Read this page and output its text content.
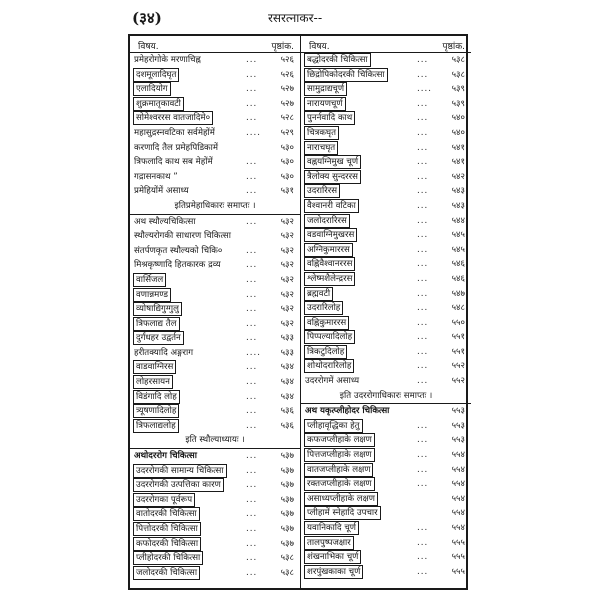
(३४)	रसरत्नाकर--
विषय.	पृष्ठांक.
प्रमेहरोगोके मरणाचिह्न	...	५२६
दशमूलादिघृत	...	५२६
एलादियोग	...	५२७
शुक्रमातृकावटी	...	५२७
सोमेश्वररस वातजादिमे०	...	५२८
महासुद्रस्नवटिका सर्वमेहोंमें	.... ५२९
करणादि तैल प्रमेहपिडिकामें	५३०
त्रिफलादि काथ सब मेहोंमें	...	५३०
गद्रासनकाथ ”	...	५३०
प्रमेहियोंमें असाध्य	...	५३१
इतिप्रमेहाधिकारः समाप्तः ।
अथ स्थौल्यचिकित्सा	...	५३२
स्थौल्यरोगकी साधारण चिकित्सा	५३२
संतर्पणकृत स्थौल्यको चिकि०	...	५३२
मिश्रकृष्णादि हितकारक द्रव्य	...	५३२
वार्सिजल	...	५३२
वणान्नमण्ड	...	५३२
व्योषाद्यिगुग्गुलु	...	५३२
त्रिफलाद्य तैल	...	५३२
दुर्गंधहर उद्वर्तन	...	५३३
हरीतक्यादि अङ्गराग	.... ५३३
वाडवाग्निरस	...	५३४
लोहरसायन	...	५३४
विडंगादि लोह	...	५३४
त्र्यूषणादिलोह	...	५३६
त्रिफलाद्यलोह	...	५३६
इति स्थौल्याध्यायः ।
अथोदररोग चिकित्सा	...	५३७
उदररोगकी सामान्य चिकित्सा	...	५३७
उदररोगकी उत्पत्तिका कारण	...	५३७
उदररोगका पूर्वरूप	...	५३७
वातोदरकी चिकित्सा	...	५३७
पित्तोदरकी चिकित्सा	...	५३७
कफोदरकी चिकित्सा	...	५३७
प्लीहोदरकी चिकित्सा	...	५३८
जलोदरकी चिकित्सा	...	५३८
विषय.	पृष्ठांक.
बद्धोदरकी चिकित्सा	...	५३८
छिद्रोपिकोदरकी चिकित्सा	...	५३८
सामुद्राद्यचूर्ण	.... ५३९
नारायणचूर्ण	...	५३९
पुनर्नवादि काथ	...	५४०
चित्रकघृत	...	५४०
नाराचघृत	...	५४१
वह्नयग्निमुख चूर्ण	...	५४१
त्रैलोक्य सुन्दररस	...	५४२
उदरारिरस	...	५४३
वैश्वानरी वटिका	...	५४३
जलोदरारिरस	...	५४४
वडवाग्निमुखरस	...	५४५
अग्निकुमाररस	...	५४५
वह्निवैश्वानररस	...	५४६
श्लेष्मशैलेन्द्ररस	...	५४६
ब्रह्मवटी	...	५४७
उदरारिलोह	...	५४८
वह्निकुमाररस	...	५५०
पिप्पल्यादिलोह	...	५५१
त्रिकटुदिलोह	...	५५१
शोथोदरारिलोह	...	५५२
उदररोगमें असाध्य	...	५५२
इति उदररोगाधिकारः समाप्तः ।
अथ यकृत्प्लीहोदर चिकित्सा	५५३
प्लीहावृद्धिका हेतु	...	५५३
कफजप्लीहाके लक्षण	...	५५३
पित्तजप्लीहाके लक्षण	...	५५४
वातजप्लीहाके लक्षण	...	५५४
रक्तजप्लीहाके लक्षण	...	५५४
असाध्यप्लीहाके लक्षण	५५४
प्लीहामें स्नेहादि उपचार	५५४
यवानिकादि चूर्ण	...	५५४
तालपुष्पजक्षार	...	५५५
शंखनाभिका चूर्ण	...	५५५
शरपुंखकाका चूर्ण	...	५५५
